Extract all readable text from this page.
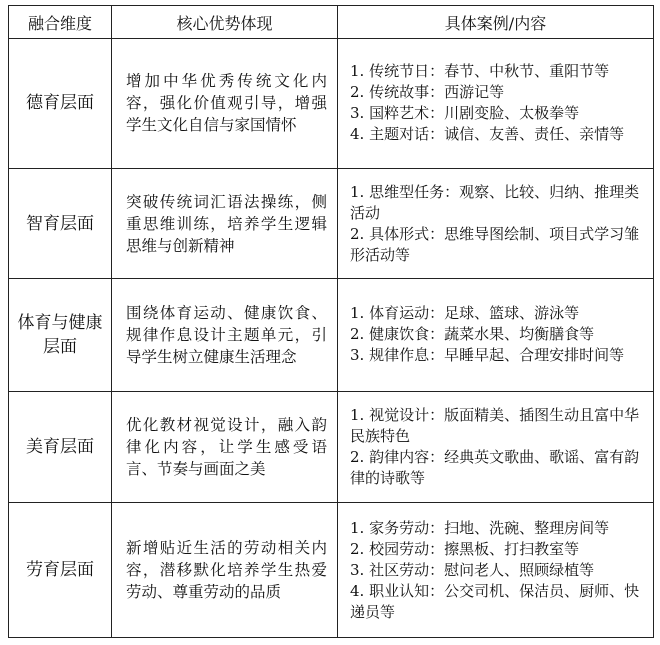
融合维度	核心优势体现	具体案例/内容
德育层面	增加中华优秀传统文化内容，强化价值观引导，增强学生文化自信与家国情怀	1. 传统节日：春节、中秋节、重阳节等
2. 传统故事：西游记等
3. 国粹艺术：川剧变脸、太极拳等
4. 主题对话：诚信、友善、责任、亲情等

智育层面	突破传统词汇语法操练，侧重思维训练，培养学生逻辑思维与创新精神	1. 思维型任务：观察、比较、归纳、推理类活动
2. 具体形式：思维导图绘制、项目式学习雏形活动等

体育与健康层面	围绕体育运动、健康饮食、规律作息设计主题单元，引导学生树立健康生活理念	1. 体育运动：足球、篮球、游泳等
2. 健康饮食：蔬菜水果、均衡膳食等
3. 规律作息：早睡早起、合理安排时间等

美育层面	优化教材视觉设计，融入韵律化内容，让学生感受语言、节奏与画面之美	1. 视觉设计：版面精美、插图生动且富中华民族特色
2. 韵律内容：经典英文歌曲、歌谣、富有韵律的诗歌等

劳育层面	新增贴近生活的劳动相关内容，潜移默化培养学生热爱劳动、尊重劳动的品质	1. 家务劳动：扫地、洗碗、整理房间等
2. 校园劳动：擦黑板、打扫教室等
3. 社区劳动：慰问老人、照顾绿植等
4. 职业认知：公交司机、保洁员、厨师、快递员等
